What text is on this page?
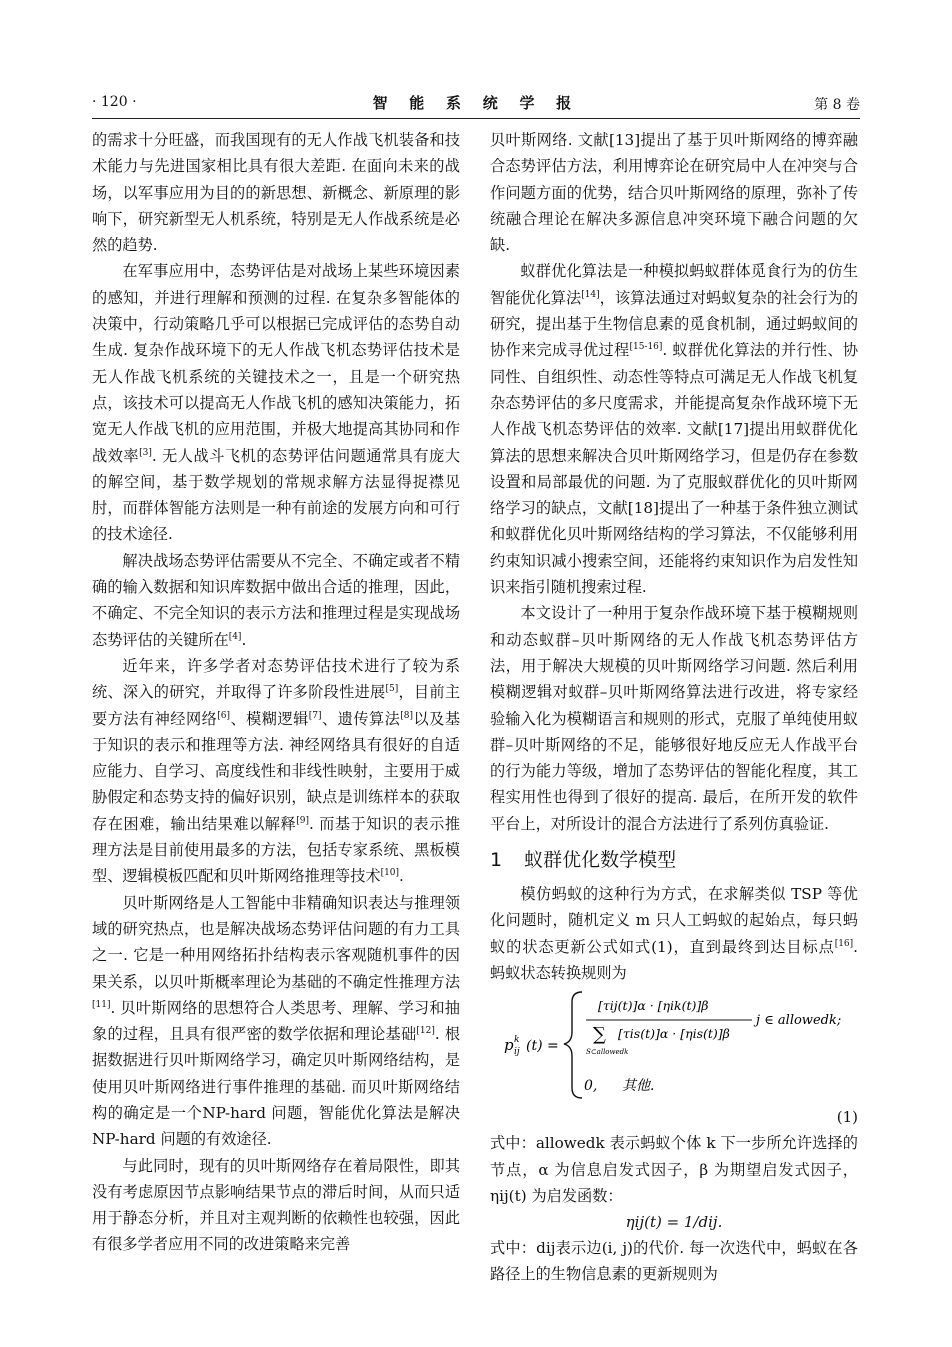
· 120 ·	智 能 系 统 学 报	第 8 卷

的需求十分旺盛，而我国现有的无人作战飞机装备和技术能力与先进国家相比具有很大差距. 在面向未来的战场，以军事应用为目的的新思想、新概念、新原理的影响下，研究新型无人机系统，特别是无人作战系统是必然的趋势.

在军事应用中，态势评估是对战场上某些环境因素的感知，并进行理解和预测的过程. 在复杂多智能体的决策中，行动策略几乎可以根据已完成评估的态势自动生成. 复杂作战环境下的无人作战飞机态势评估技术是无人作战飞机系统的关键技术之一，且是一个研究热点，该技术可以提高无人作战飞机的感知决策能力，拓宽无人作战飞机的应用范围，并极大地提高其协同和作战效率[3]. 无人战斗飞机的态势评估问题通常具有庞大的解空间，基于数学规划的常规求解方法显得捉襟见肘，而群体智能方法则是一种有前途的发展方向和可行的技术途径.

解决战场态势评估需要从不完全、不确定或者不精确的输入数据和知识库数据中做出合适的推理，因此，不确定、不完全知识的表示方法和推理过程是实现战场态势评估的关键所在[4].

近年来，许多学者对态势评估技术进行了较为系统、深入的研究，并取得了许多阶段性进展[5]，目前主要方法有神经网络[6]、模糊逻辑[7]、遗传算法[8]以及基于知识的表示和推理等方法. 神经网络具有很好的自适应能力、自学习、高度线性和非线性映射，主要用于威胁假定和态势支持的偏好识别，缺点是训练样本的获取存在困难，输出结果难以解释[9]. 而基于知识的表示推理方法是目前使用最多的方法，包括专家系统、黑板模型、逻辑模板匹配和贝叶斯网络推理等技术[10].

贝叶斯网络是人工智能中非精确知识表达与推理领域的研究热点，也是解决战场态势评估问题的有力工具之一. 它是一种用网络拓扑结构表示客观随机事件的因果关系，以贝叶斯概率理论为基础的不确定性推理方法[11]. 贝叶斯网络的思想符合人类思考、理解、学习和抽象的过程，且具有很严密的数学依据和理论基础[12]. 根据数据进行贝叶斯网络学习，确定贝叶斯网络结构，是使用贝叶斯网络进行事件推理的基础. 而贝叶斯网络结构的确定是一个NP-hard 问题，智能优化算法是解决 NP-hard 问题的有效途径.

与此同时，现有的贝叶斯网络存在着局限性，即其没有考虑原因节点影响结果节点的滞后时间，从而只适用于静态分析，并且对主观判断的依赖性也较强，因此有很多学者应用不同的改进策略来完善

贝叶斯网络. 文献[13]提出了基于贝叶斯网络的博弈融合态势评估方法，利用博弈论在研究局中人在冲突与合作问题方面的优势，结合贝叶斯网络的原理，弥补了传统融合理论在解决多源信息冲突环境下融合问题的欠缺.

蚁群优化算法是一种模拟蚂蚁群体觅食行为的仿生智能优化算法[14]，该算法通过对蚂蚁复杂的社会行为的研究，提出基于生物信息素的觅食机制，通过蚂蚁间的协作来完成寻优过程[15-16]. 蚁群优化算法的并行性、协同性、自组织性、动态性等特点可满足无人作战飞机复杂态势评估的多尺度需求，并能提高复杂作战环境下无人作战飞机态势评估的效率. 文献[17]提出用蚁群优化算法的思想来解决合贝叶斯网络学习，但是仍存在参数设置和局部最优的问题. 为了克服蚁群优化的贝叶斯网络学习的缺点，文献[18]提出了一种基于条件独立测试和蚁群优化贝叶斯网络结构的学习算法，不仅能够利用约束知识减小搜索空间，还能将约束知识作为启发性知识来指引随机搜索过程.

本文设计了一种用于复杂作战环境下基于模糊规则和动态蚁群–贝叶斯网络的无人作战飞机态势评估方法，用于解决大规模的贝叶斯网络学习问题. 然后利用模糊逻辑对蚁群–贝叶斯网络算法进行改进，将专家经验输入化为模糊语言和规则的形式，克服了单纯使用蚁群–贝叶斯网络的不足，能够很好地反应无人作战平台的行为能力等级，增加了态势评估的智能化程度，其工程实用性也得到了很好的提高. 最后，在所开发的软件平台上，对所设计的混合方法进行了系列仿真验证.

1 蚁群优化数学模型

模仿蚂蚁的这种行为方式，在求解类似 TSP 等优化问题时，随机定义 m 只人工蚂蚁的起始点，每只蚂蚁的状态更新公式如式(1)，直到最终到达目标点[16]. 蚂蚁状态转换规则为

p k
ij (t) =
[τij(t)]α · [ηik(t)]β
∑
S⊂allowedk
[τis(t)]α · [ηis(t)]β
j ∈ allowedk;
0, 其他.
(1)

式中：allowedk 表示蚂蚁个体 k 下一步所允许选择的节点，α 为信息启发式因子，β 为期望启发式因子，ηij(t) 为启发函数：

ηij(t) = 1/dij.

式中：dij表示边(i, j)的代价. 每一次迭代中，蚂蚁在各路径上的生物信息素的更新规则为
